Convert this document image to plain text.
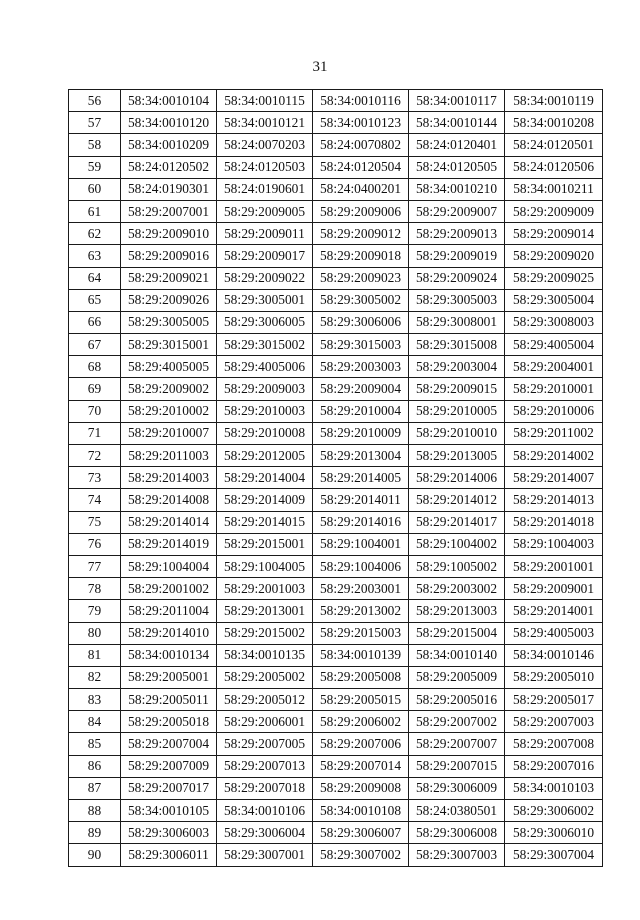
31
56	58:34:0010104	58:34:0010115	58:34:0010116	58:34:0010117	58:34:0010119
57	58:34:0010120	58:34:0010121	58:34:0010123	58:34:0010144	58:34:0010208
58	58:34:0010209	58:24:0070203	58:24:0070802	58:24:0120401	58:24:0120501
59	58:24:0120502	58:24:0120503	58:24:0120504	58:24:0120505	58:24:0120506
60	58:24:0190301	58:24:0190601	58:24:0400201	58:34:0010210	58:34:0010211
61	58:29:2007001	58:29:2009005	58:29:2009006	58:29:2009007	58:29:2009009
62	58:29:2009010	58:29:2009011	58:29:2009012	58:29:2009013	58:29:2009014
63	58:29:2009016	58:29:2009017	58:29:2009018	58:29:2009019	58:29:2009020
64	58:29:2009021	58:29:2009022	58:29:2009023	58:29:2009024	58:29:2009025
65	58:29:2009026	58:29:3005001	58:29:3005002	58:29:3005003	58:29:3005004
66	58:29:3005005	58:29:3006005	58:29:3006006	58:29:3008001	58:29:3008003
67	58:29:3015001	58:29:3015002	58:29:3015003	58:29:3015008	58:29:4005004
68	58:29:4005005	58:29:4005006	58:29:2003003	58:29:2003004	58:29:2004001
69	58:29:2009002	58:29:2009003	58:29:2009004	58:29:2009015	58:29:2010001
70	58:29:2010002	58:29:2010003	58:29:2010004	58:29:2010005	58:29:2010006
71	58:29:2010007	58:29:2010008	58:29:2010009	58:29:2010010	58:29:2011002
72	58:29:2011003	58:29:2012005	58:29:2013004	58:29:2013005	58:29:2014002
73	58:29:2014003	58:29:2014004	58:29:2014005	58:29:2014006	58:29:2014007
74	58:29:2014008	58:29:2014009	58:29:2014011	58:29:2014012	58:29:2014013
75	58:29:2014014	58:29:2014015	58:29:2014016	58:29:2014017	58:29:2014018
76	58:29:2014019	58:29:2015001	58:29:1004001	58:29:1004002	58:29:1004003
77	58:29:1004004	58:29:1004005	58:29:1004006	58:29:1005002	58:29:2001001
78	58:29:2001002	58:29:2001003	58:29:2003001	58:29:2003002	58:29:2009001
79	58:29:2011004	58:29:2013001	58:29:2013002	58:29:2013003	58:29:2014001
80	58:29:2014010	58:29:2015002	58:29:2015003	58:29:2015004	58:29:4005003
81	58:34:0010134	58:34:0010135	58:34:0010139	58:34:0010140	58:34:0010146
82	58:29:2005001	58:29:2005002	58:29:2005008	58:29:2005009	58:29:2005010
83	58:29:2005011	58:29:2005012	58:29:2005015	58:29:2005016	58:29:2005017
84	58:29:2005018	58:29:2006001	58:29:2006002	58:29:2007002	58:29:2007003
85	58:29:2007004	58:29:2007005	58:29:2007006	58:29:2007007	58:29:2007008
86	58:29:2007009	58:29:2007013	58:29:2007014	58:29:2007015	58:29:2007016
87	58:29:2007017	58:29:2007018	58:29:2009008	58:29:3006009	58:34:0010103
88	58:34:0010105	58:34:0010106	58:34:0010108	58:24:0380501	58:29:3006002
89	58:29:3006003	58:29:3006004	58:29:3006007	58:29:3006008	58:29:3006010
90	58:29:3006011	58:29:3007001	58:29:3007002	58:29:3007003	58:29:3007004
